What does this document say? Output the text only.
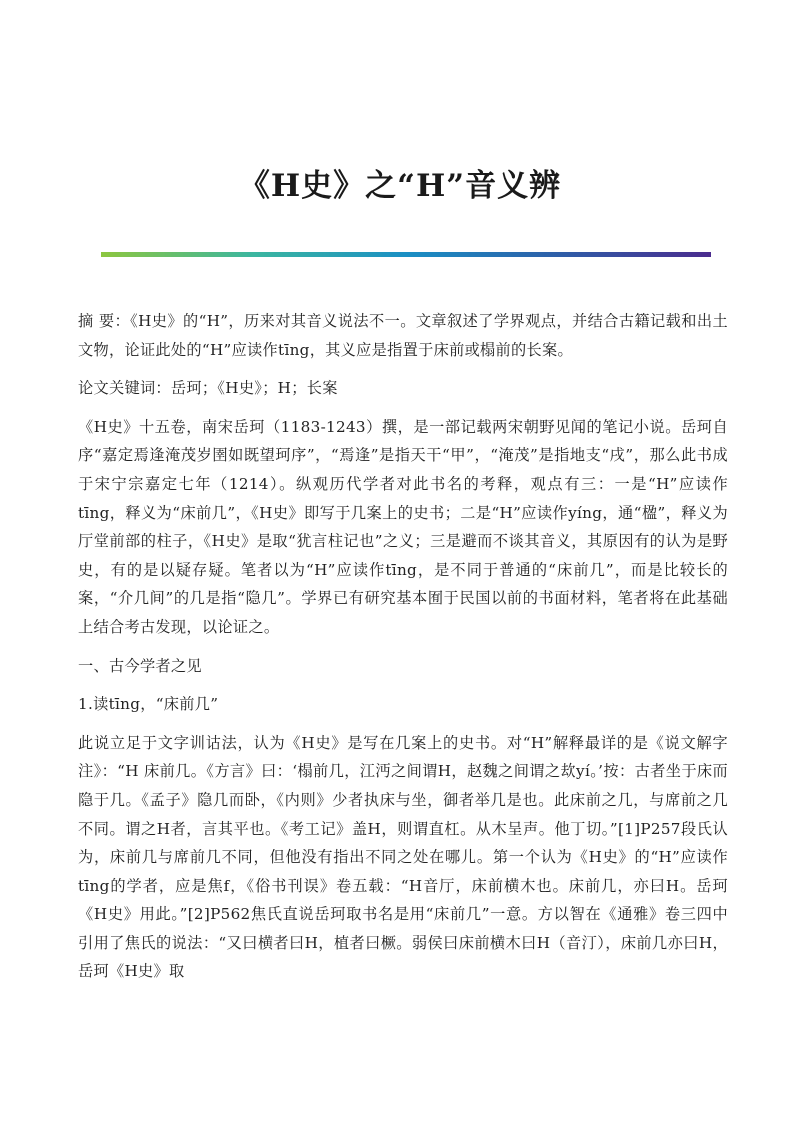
《H史》之“H”音义辨

摘 要：《H史》的“H”，历来对其音义说法不一。文章叙述了学界观点，并结合古籍记载和出土文物，论证此处的“H”应读作tīng，其义应是指置于床前或榻前的长案。

论文关键词：岳珂；《H史》；H；长案

《H史》十五卷，南宋岳珂（1183-1243）撰，是一部记载两宋朝野见闻的笔记小说。岳珂自序“嘉定焉逢淹茂岁圉如既望珂序”，“焉逢”是指天干“甲”，“淹茂”是指地支“戌”，那么此书成于宋宁宗嘉定七年（1214）。纵观历代学者对此书名的考释，观点有三：一是“H”应读作tīng，释义为“床前几”，《H史》即写于几案上的史书；二是“H”应读作yíng，通“楹”，释义为厅堂前部的柱子，《H史》是取“犹言柱记也”之义；三是避而不谈其音义，其原因有的认为是野史，有的是以疑存疑。笔者以为“H”应读作tīng，是不同于普通的“床前几”，而是比较长的案，“介几间”的几是指“隐几”。学界已有研究基本囿于民国以前的书面材料，笔者将在此基础上结合考古发现，以论证之。

一、古今学者之见

1.读tīng，“床前几”

此说立足于文字训诂法，认为《H史》是写在几案上的史书。对“H”解释最详的是《说文解字注》：“H 床前几。《方言》曰：‘榻前几，江沔之间谓H，赵魏之间谓之㰦yí。’按：古者坐于床而隐于几。《孟子》隐几而卧，《内则》少者执床与坐，御者举几是也。此床前之几，与席前之几不同。谓之H者，言其平也。《考工记》盖H，则谓直杠。从木呈声。他丁切。”[1]P257段氏认为，床前几与席前几不同，但他没有指出不同之处在哪儿。第一个认为《H史》的“H”应读作tīng的学者，应是焦f，《俗书刊误》卷五载：“H音厅，床前横木也。床前几，亦曰H。岳珂《H史》用此。”[2]P562焦氏直说岳珂取书名是用“床前几”一意。方以智在《通雅》卷三四中引用了焦氏的说法：“又曰横者曰H，植者曰橛。弱侯曰床前横木曰H（音汀），床前几亦曰H，岳珂《H史》取
